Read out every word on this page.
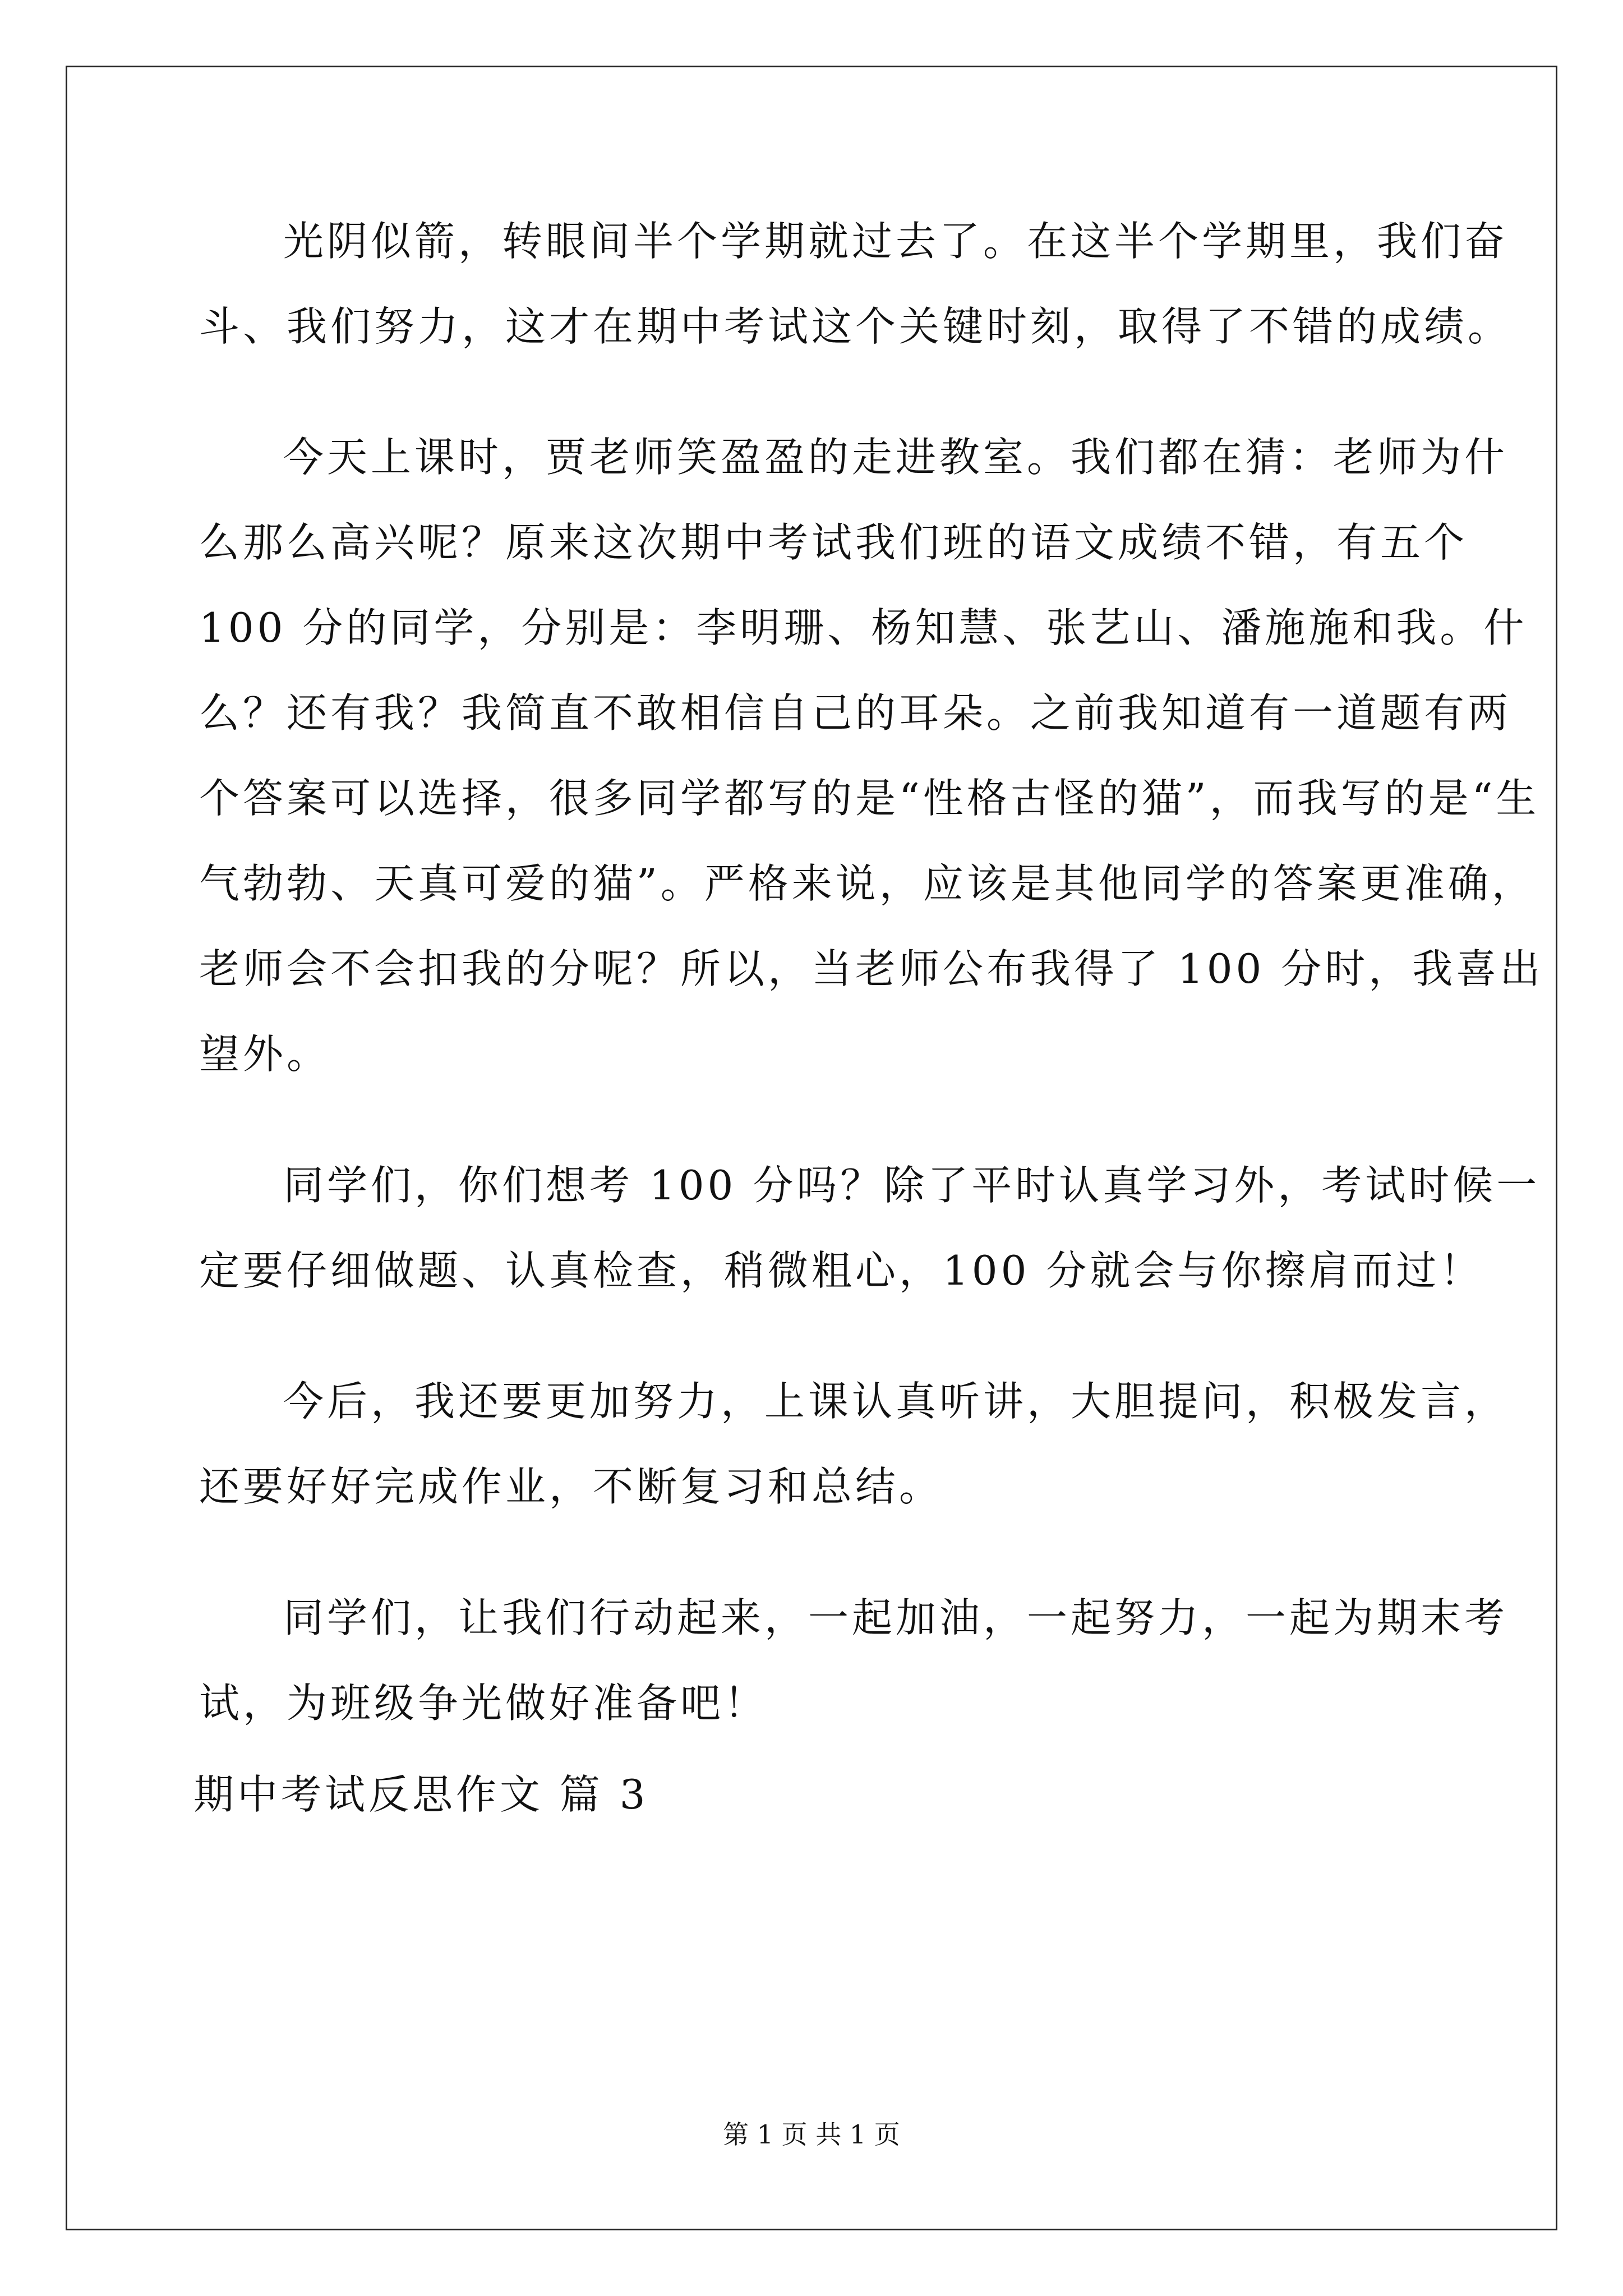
光阴似箭，转眼间半个学期就过去了。在这半个学期里，我们奋
斗、我们努力，这才在期中考试这个关键时刻，取得了不错的成绩。
今天上课时，贾老师笑盈盈的走进教室。我们都在猜：老师为什
么那么高兴呢？原来这次期中考试我们班的语文成绩不错，有五个
100 分的同学，分别是：李明珊、杨知慧、张艺山、潘施施和我。什
么？还有我？我简直不敢相信自己的耳朵。之前我知道有一道题有两
个答案可以选择，很多同学都写的是“性格古怪的猫”，而我写的是“生
气勃勃、天真可爱的猫”。严格来说，应该是其他同学的答案更准确，
老师会不会扣我的分呢？所以，当老师公布我得了 100 分时，我喜出
望外。
同学们，你们想考 100 分吗？除了平时认真学习外，考试时候一
定要仔细做题、认真检查，稍微粗心，100 分就会与你擦肩而过！
今后，我还要更加努力，上课认真听讲，大胆提问，积极发言，
还要好好完成作业，不断复习和总结。
同学们，让我们行动起来，一起加油，一起努力，一起为期末考
试，为班级争光做好准备吧！
期中考试反思作文 篇 3
第 1 页 共 1 页
